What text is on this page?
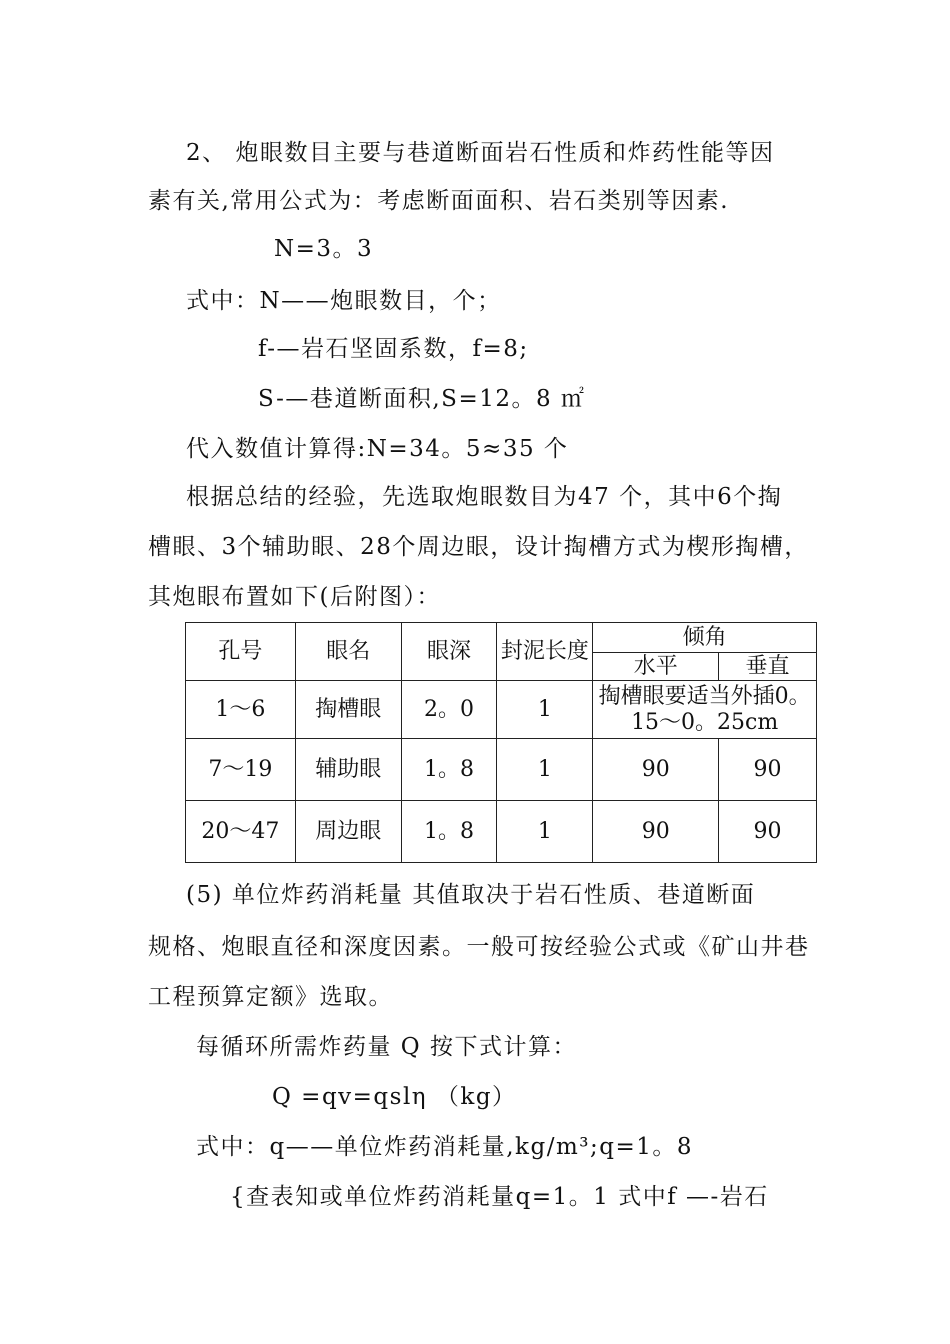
2、 炮眼数目主要与巷道断面岩石性质和炸药性能等因
素有关,常用公式为：考虑断面面积、岩石类别等因素.
N=3。3
式中：N——炮眼数目，个；
f-—岩石坚固系数，f=8;
S-—巷道断面积,S=12。8 ㎡
代入数值计算得:N=34。5≈35 个
根据总结的经验，先选取炮眼数目为47 个，其中6个掏
槽眼、3个辅助眼、28个周边眼，设计掏槽方式为楔形掏槽，
其炮眼布置如下(后附图）：
孔号	眼名	眼深	封泥长度	倾角	
				水平	垂直
1～6	掏槽眼	2。0	1	掏槽眼要适当外插0。15～0。25cm	
7～19	辅助眼	1。8	1	90	90
20～47	周边眼	1。8	1	90	90
(5) 单位炸药消耗量 其值取决于岩石性质、巷道断面
规格、炮眼直径和深度因素。一般可按经验公式或《矿山井巷
工程预算定额》选取。
每循环所需炸药量 Q 按下式计算：
Q =qv=qslη （kg）
式中：q——单位炸药消耗量,kg/m³;q=1。8
{查表知或单位炸药消耗量q=1。1 式中f —-岩石
